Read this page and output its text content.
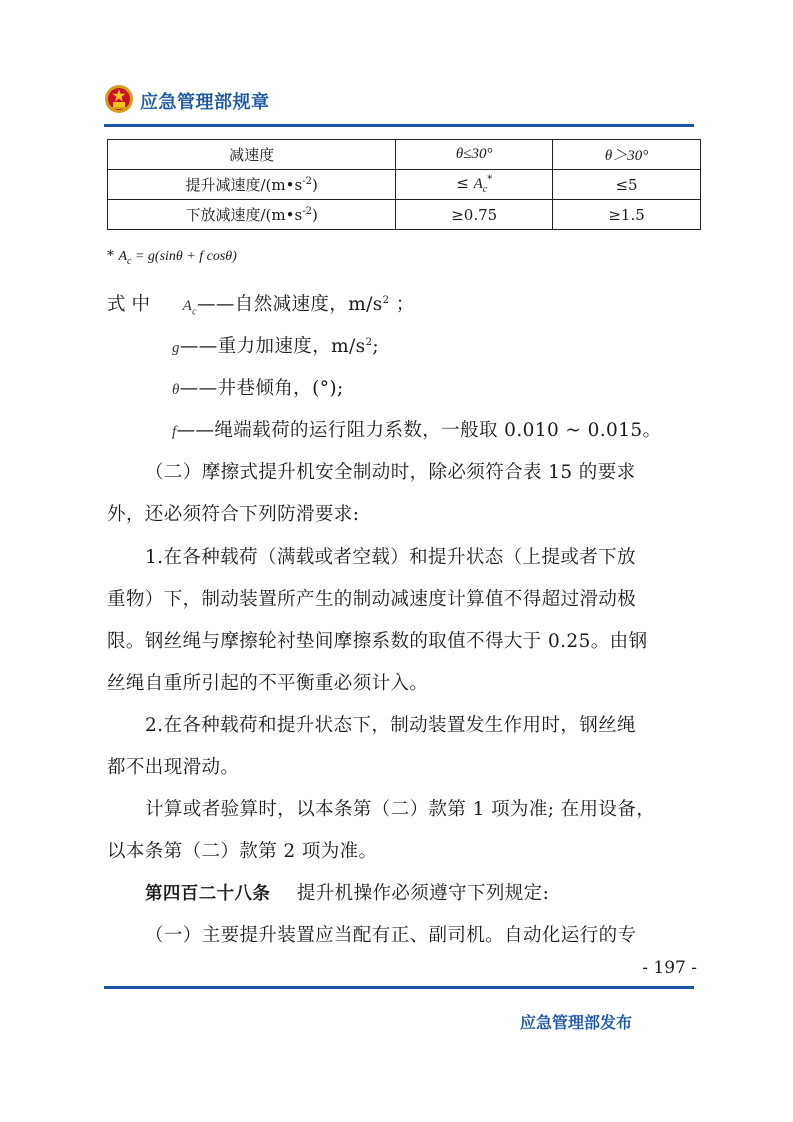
应急管理部规章
减速度	θ≤30°	θ＞30°
提升减速度$/(m•s^{-2})$	≤ $A_c^*$	≤5
下放减速度$/(m•s^{-2})$	≥0.75	≥1.5
* $A_c = g(\sin\theta + f$ cosθ)
式中 $A_c——$自然减速度，$m/s^2$ ；
g——重力加速度，$m/s^2$;
θ——井巷倾角，(°);
f——绳端载荷的运行阻力系数，一般取 0.010 ~ 0.015。
（二）摩擦式提升机安全制动时，除必须符合表 15 的要求
外，还必须符合下列防滑要求:
1.在各种载荷（满载或者空载）和提升状态（上提或者下放
重物）下，制动装置所产生的制动减速度计算值不得超过滑动极
限。钢丝绳与摩擦轮衬垫间摩擦系数的取值不得大于 0.25。由钢
丝绳自重所引起的不平衡重必须计入。
2.在各种载荷和提升状态下，制动装置发生作用时，钢丝绳
都不出现滑动。
计算或者验算时，以本条第（二）款第 1 项为准; 在用设备，
以本条第（二）款第 2 项为准。
第四百二十八条 提升机操作必须遵守下列规定:
（一）主要提升装置应当配有正、副司机。自动化运行的专
- 197 -
应急管理部发布
